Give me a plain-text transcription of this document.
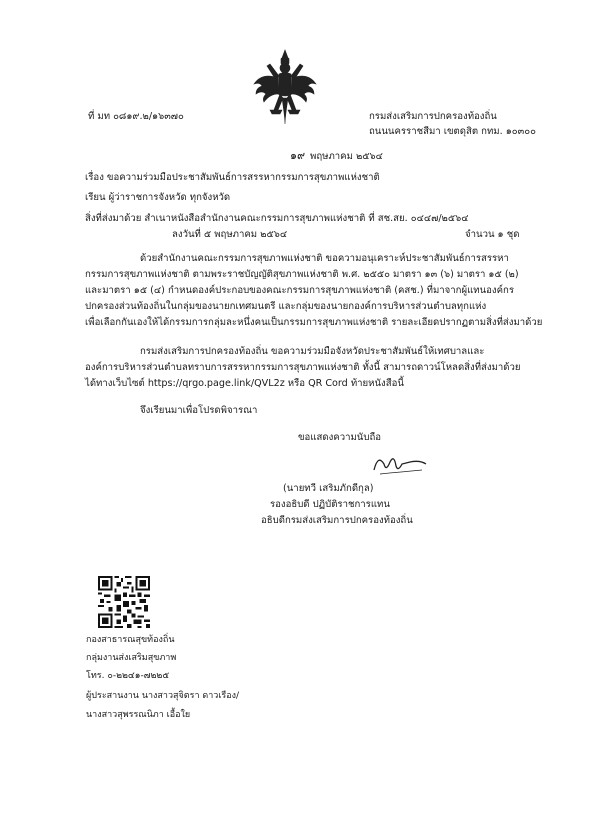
ที่ มท ๐๘๑๙.๒/๑๖๓๗๐	กรมส่งเสริมการปกครองท้องถิ่น
ถนนนครราชสีมา เขตดุสิต กทม. ๑๐๓๐๐
๑๙ พฤษภาคม ๒๕๖๔
เรื่อง ขอความร่วมมือประชาสัมพันธ์การสรรหากรรมการสุขภาพแห่งชาติ
เรียน ผู้ว่าราชการจังหวัด ทุกจังหวัด
สิ่งที่ส่งมาด้วย สำเนาหนังสือสำนักงานคณะกรรมการสุขภาพแห่งชาติ ที่ สช.สย. ๐๔๔๗/๒๕๖๔
ลงวันที่ ๕ พฤษภาคม ๒๕๖๔	จำนวน ๑ ชุด
ด้วยสำนักงานคณะกรรมการสุขภาพแห่งชาติ ขอความอนุเคราะห์ประชาสัมพันธ์การสรรหา
กรรมการสุขภาพแห่งชาติ ตามพระราชบัญญัติสุขภาพแห่งชาติ พ.ศ. ๒๕๕๐ มาตรา ๑๓ (๖) มาตรา ๑๕ (๒)
และมาตรา ๑๕ (๔) กำหนดองค์ประกอบของคณะกรรมการสุขภาพแห่งชาติ (คสช.) ที่มาจากผู้แทนองค์กร
ปกครองส่วนท้องถิ่นในกลุ่มของนายกเทศมนตรี และกลุ่มของนายกองค์การบริหารส่วนตำบลทุกแห่ง
เพื่อเลือกกันเองให้ได้กรรมการกลุ่มละหนึ่งคนเป็นกรรมการสุขภาพแห่งชาติ รายละเอียดปรากฏตามสิ่งที่ส่งมาด้วย
กรมส่งเสริมการปกครองท้องถิ่น ขอความร่วมมือจังหวัดประชาสัมพันธ์ให้เทศบาลและ
องค์การบริหารส่วนตำบลทราบการสรรหากรรมการสุขภาพแห่งชาติ ทั้งนี้ สามารถดาวน์โหลดสิ่งที่ส่งมาด้วย
ได้ทางเว็บไซต์ https://qrgo.page.link/QVL2z หรือ QR Cord ท้ายหนังสือนี้
จึงเรียนมาเพื่อโปรดพิจารณา
ขอแสดงความนับถือ
(นายทวี เสริมภักดีกุล)
รองอธิบดี ปฏิบัติราชการแทน
อธิบดีกรมส่งเสริมการปกครองท้องถิ่น
กองสาธารณสุขท้องถิ่น
กลุ่มงานส่งเสริมสุขภาพ
โทร. ๐-๒๒๔๑-๗๒๒๕
ผู้ประสานงาน นางสาวสุจิตรา ดาวเรือง/
นางสาวสุพรรณนิภา เอื้อใย
